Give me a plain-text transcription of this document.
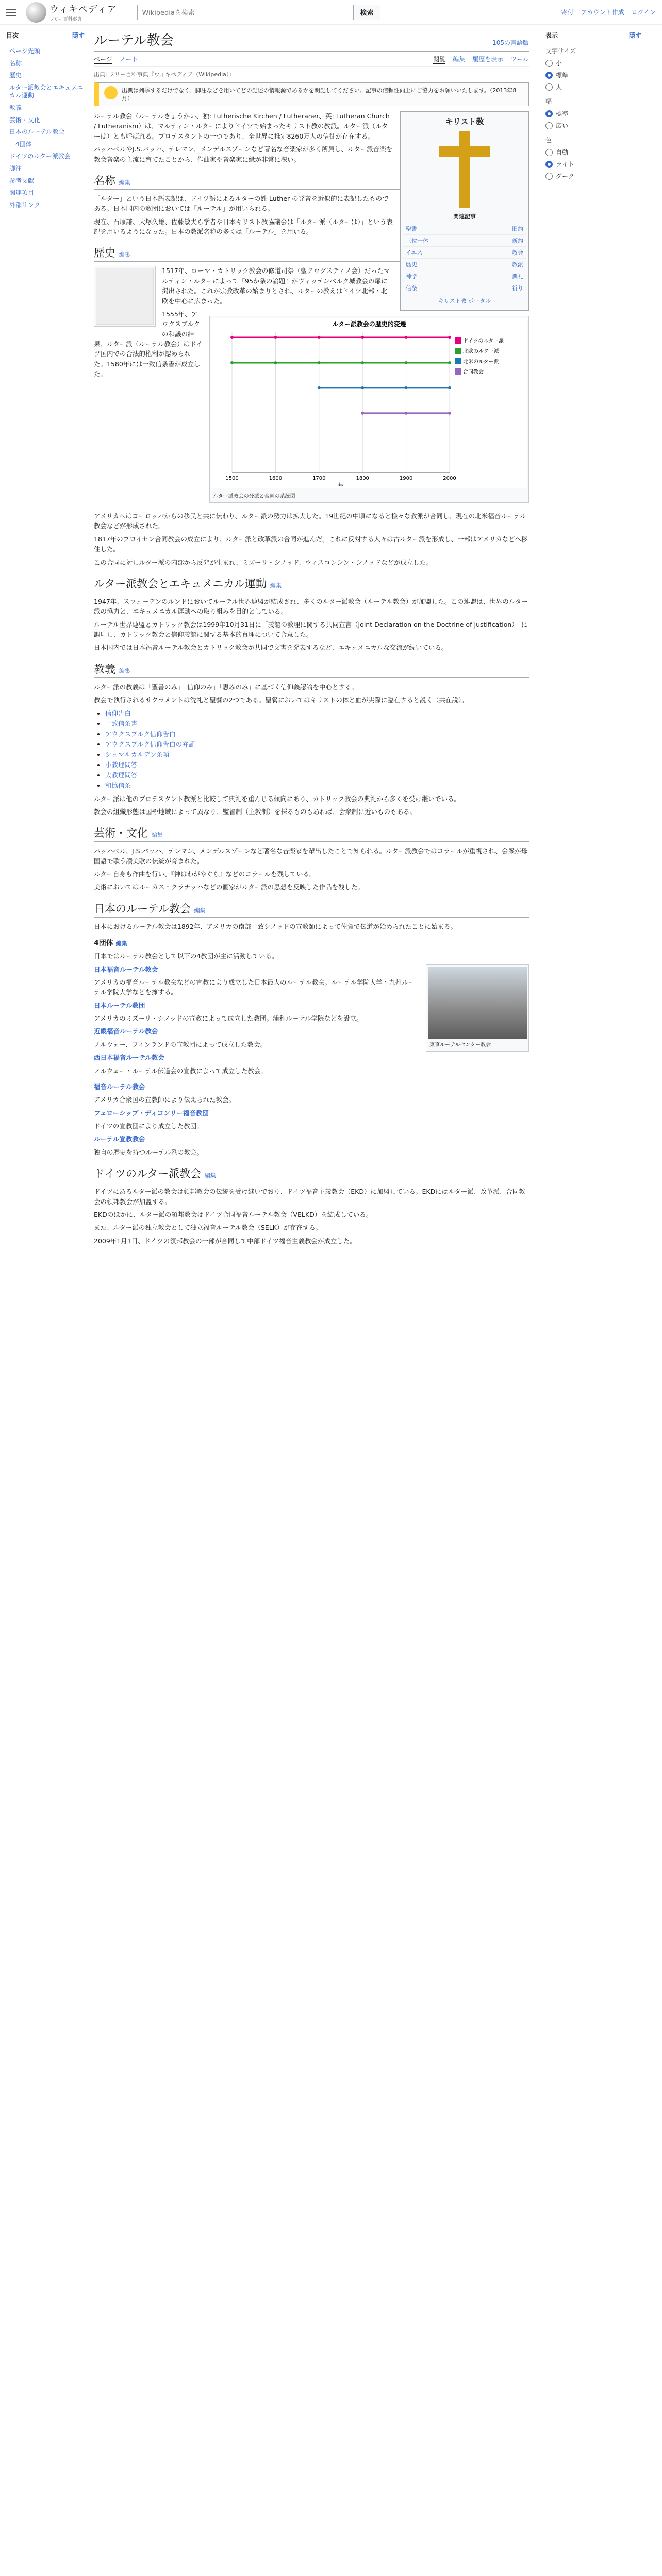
ウィキペディア
フリー百科事典
Wikipediaを検索	検索	寄付 アカウント作成 ログイン
目次	隠す
ページ先頭
名称
歴史
ルター派教会とエキュメニカル運動
教義
芸術・文化
日本のルーテル教会
4団体
ドイツのルター派教会
脚注
参考文献
関連項目
外部リンク
ルーテル教会	105の言語版
ページ ノート	閲覧 編集 履歴を表示 ツール
出典: フリー百科事典『ウィキペディア（Wikipedia）』
出典は列挙するだけでなく、脚注などを用いてどの記述の情報源であるかを明記してください。記事の信頼性向上にご協力をお願いいたします。（2013年8月）
キリスト教
関連記事
聖書	旧約
三位一体	新約
イエス	教会
歴史	教派
神学	典礼
信条	祈り
キリスト教 ポータル

ルーテル教会（ルーテルきょうかい、独: Lutherische Kirchen / Lutheraner、英: Lutheran Church / Lutheranism）は、マルティン・ルターによりドイツで始まったキリスト教の教派。ルター派（ルターは）とも呼ばれる。プロテスタントの一つであり、全世界に推定8260万人の信徒が存在する。

パッハベルやJ.S.バッハ、テレマン、メンデルスゾーンなど著名な音楽家が多く所属し、ルター派音楽を教会音楽の主流に育てたことから、作曲家や音楽家に縁が非常に深い。

名称 編集

「ルター」という日本語表記は、ドイツ語によるルターの姓 Luther の発音を近似的に表記したものである。日本国内の教団においては「ルーテル」が用いられる。

現在、石原謙、大塚久雄、佐藤敏夫ら学者や日本キリスト教協議会は「ルター派（ルターは）」という表記を用いるようになった。日本の教派名称の多くは「ルーテル」を用いる。

歴史 編集
ルター派教会の歴史的変遷
1500	1600	1700	1800	1900	2000
年
ドイツのルター派
北欧のルター派
北米のルター派
合同教会
ルター派教会の分派と合同の系統図

1517年、ローマ・カトリック教会の修道司祭（聖アウグスティノ会）だったマルティン・ルターによって『95か条の論題』がヴィッテンベルク城教会の扉に掲出された。これが宗教改革の始まりとされ、ルターの教えはドイツ北部・北欧を中心に広まった。

1555年、アウクスブルクの和議の結果、ルター派（ルーテル教会）はドイツ国内での合法的権利が認められた。1580年には一致信条書が成立した。

アメリカへはヨーロッパからの移民と共に伝わり、ルター派の勢力は拡大した。19世紀の中頃になると様々な教派が合同し、現在の北米福音ルーテル教会などが形成された。

1817年のプロイセン合同教会の成立により、ルター派と改革派の合同が進んだ。これに反対する人々は古ルター派を形成し、一部はアメリカなどへ移住した。

この合同に対しルター派の内部から反発が生まれ、ミズーリ・シノッド、ウィスコンシン・シノッドなどが成立した。

ルター派教会とエキュメニカル運動 編集

1947年、スウェーデンのルンドにおいてルーテル世界連盟が結成され、多くのルター派教会（ルーテル教会）が加盟した。この連盟は、世界のルター派の協力と、エキュメニカル運動への取り組みを目的としている。

ルーテル世界連盟とカトリック教会は1999年10月31日に「義認の教理に関する共同宣言（Joint Declaration on the Doctrine of Justification）」に調印し、カトリック教会と信仰義認に関する基本的真理について合意した。

日本国内では日本福音ルーテル教会とカトリック教会が共同で文書を発表するなど、エキュメニカルな交流が続いている。

教義 編集

ルター派の教義は「聖書のみ」「信仰のみ」「恵みのみ」に基づく信仰義認論を中心とする。

教会で執行されるサクラメントは洗礼と聖餐の2つである。聖餐においてはキリストの体と血が実際に臨在すると説く（共在説）。

• 信仰告白
• 一致信条書
• アウクスブルク信仰告白
• アウクスブルク信仰告白の弁証
• シュマルカルデン条項
• 小教理問答
• 大教理問答
• 和協信条

ルター派は他のプロテスタント教派と比較して典礼を重んじる傾向にあり、カトリック教会の典礼から多くを受け継いでいる。

教会の組織形態は国や地域によって異なり、監督制（主教制）を採るものもあれば、会衆制に近いものもある。

芸術・文化 編集

パッハベル、J.S.バッハ、テレマン、メンデルスゾーンなど著名な音楽家を輩出したことで知られる。ルター派教会ではコラールが重視され、会衆が母国語で歌う讃美歌の伝統が育まれた。

ルター自身も作曲を行い、『神はわがやぐら』などのコラールを残している。

美術においてはルーカス・クラナッハなどの画家がルター派の思想を反映した作品を残した。

日本のルーテル教会 編集

日本におけるルーテル教会は1892年、アメリカの南部一致シノッドの宣教師によって佐賀で伝道が始められたことに始まる。

4団体 編集

日本ではルーテル教会として以下の4教団が主に活動している。

東京ルーテルセンター教会

日本福音ルーテル教会

アメリカの福音ルーテル教会などの宣教により成立した日本最大のルーテル教会。ルーテル学院大学・九州ルーテル学院大学などを擁する。

日本ルーテル教団

アメリカのミズーリ・シノッドの宣教によって成立した教団。浦和ルーテル学院などを設立。

近畿福音ルーテル教会

ノルウェー、フィンランドの宣教団によって成立した教会。

西日本福音ルーテル教会

ノルウェー・ルーテル伝道会の宣教によって成立した教会。

福音ルーテル教会

アメリカ合衆国の宣教師により伝えられた教会。

フェローシップ・ディコンリー福音教団

ドイツの宣教団により成立した教団。

ルーテル宣教教会

独自の歴史を持つルーテル系の教会。

ドイツのルター派教会 編集

ドイツにあるルター派の教会は領邦教会の伝統を受け継いでおり、ドイツ福音主義教会（EKD）に加盟している。EKDにはルター派、改革派、合同教会の領邦教会が加盟する。

EKDのほかに、ルター派の領邦教会はドイツ合同福音ルーテル教会（VELKD）を結成している。

また、ルター派の独立教会として独立福音ルーテル教会（SELK）が存在する。

2009年1月1日、ドイツの領邦教会の一部が合同して中部ドイツ福音主義教会が成立した。

表示	隠す
文字サイズ
小
標準
大
幅
標準
広い
色
自動
ライト
ダーク
